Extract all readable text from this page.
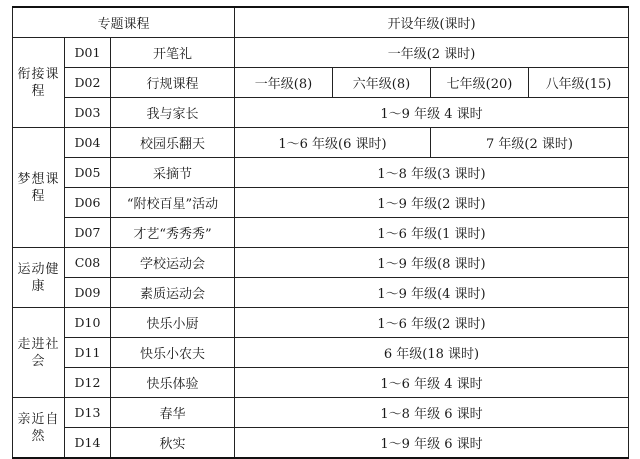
专题课程			开设年级(课时)			
衔接课程	D01	开笔礼	一年级(2 课时)			
	D02	行规课程	一年级(8)	六年级(8)	七年级(20)	八年级(15)
	D03	我与家长	1～9 年级 4 课时			
梦想课程	D04	校园乐翻天	1～6 年级(6 课时)		7 年级(2 课时)	
	D05	采摘节	1～8 年级(3 课时)			
	D06	“附校百星”活动	1～9 年级(2 课时)			
	D07	才艺“秀秀秀”	1～6 年级(1 课时)			
运动健康	C08	学校运动会	1～9 年级(8 课时)			
	D09	素质运动会	1～9 年级(4 课时)			
走进社会	D10	快乐小厨	1～6 年级(2 课时)			
	D11	快乐小农夫	6 年级(18 课时)			
	D12	快乐体验	1～6 年级 4 课时			
亲近自然	D13	春华	1～8 年级 6 课时			
	D14	秋实	1～9 年级 6 课时			
